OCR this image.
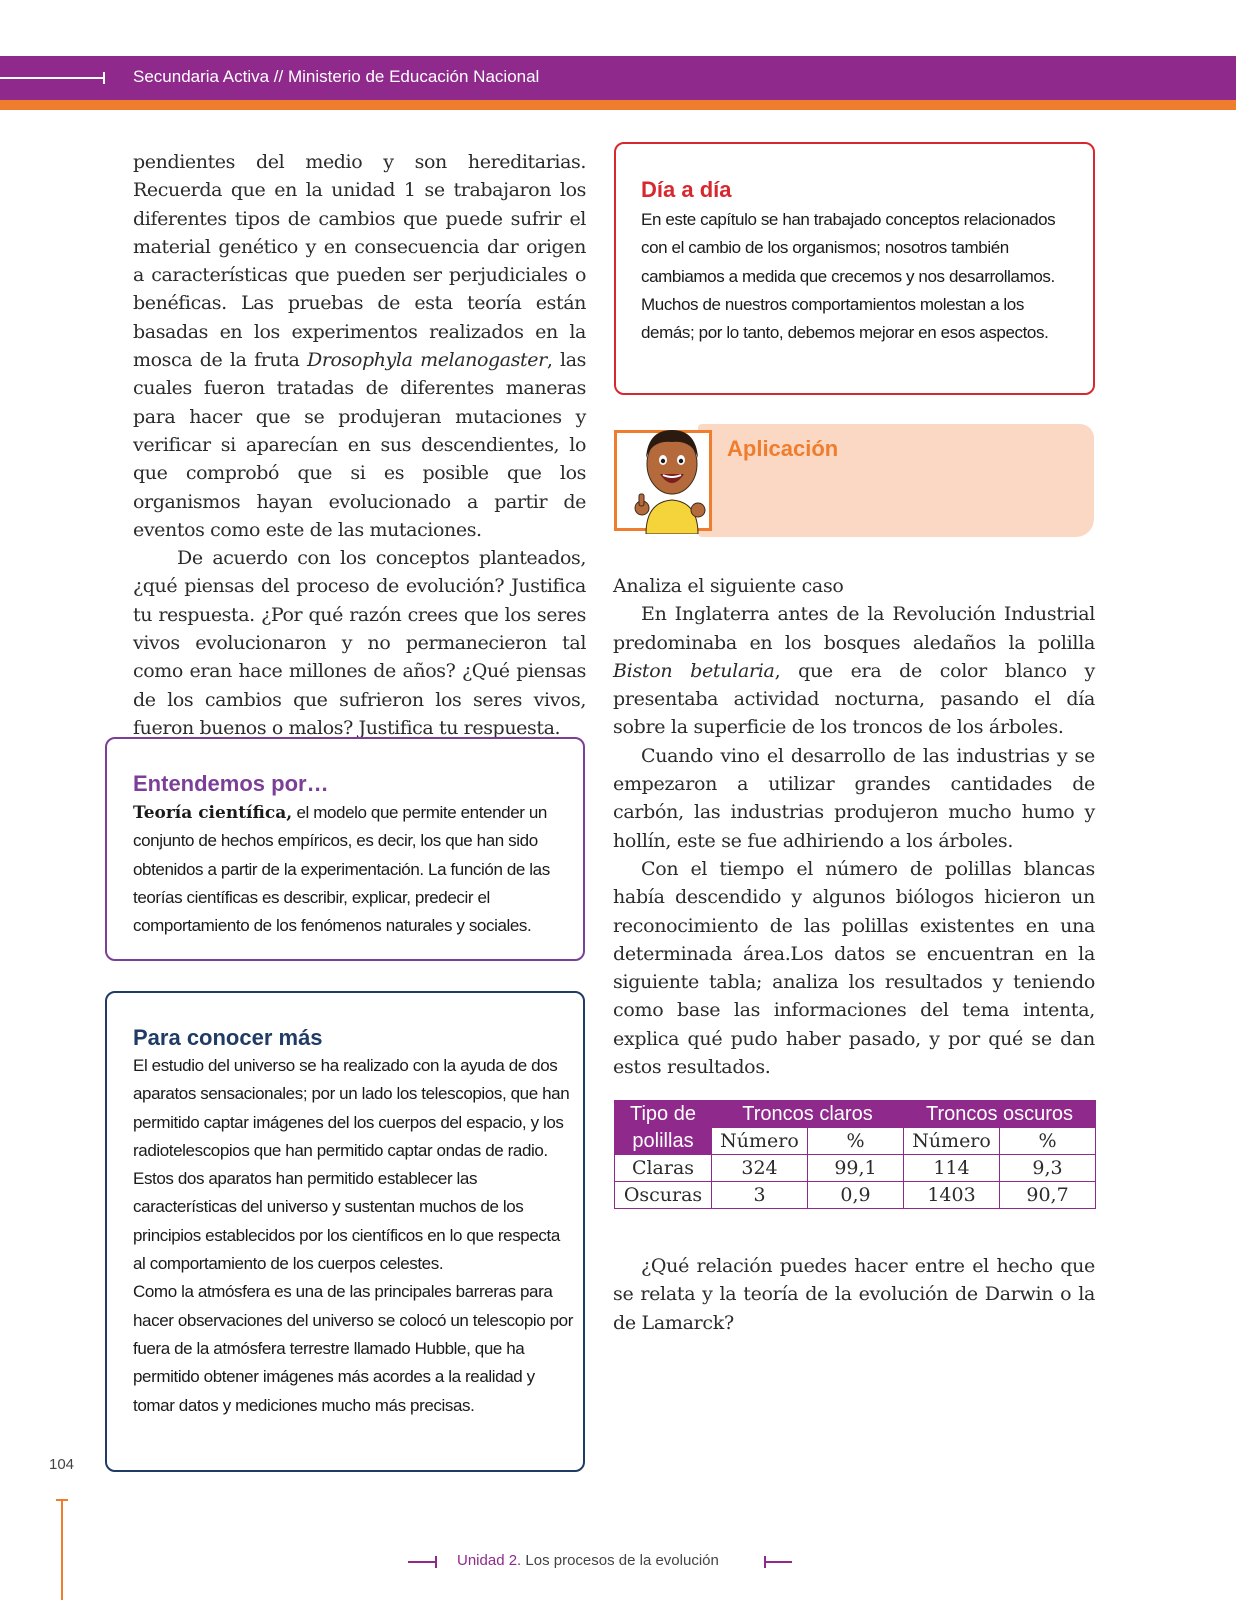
Secundaria Activa // Ministerio de Educación Nacional

pendientes del medio y son hereditarias. Recuerda que en la unidad 1 se trabajaron los diferentes tipos de cambios que puede sufrir el material genético y en consecuencia dar origen a características que pueden ser perjudiciales o benéficas. Las pruebas de esta teoría están basadas en los experimentos realizados en la mosca de la fruta Drosophyla melanogaster, las cuales fueron tratadas de diferentes maneras para hacer que se produjeran mutaciones y verificar si aparecían en sus descendientes, lo que comprobó que si es posible que los organismos hayan evolucionado a partir de eventos como este de las mutaciones.

De acuerdo con los conceptos planteados, ¿qué piensas del proceso de evolución? Justifica tu respuesta. ¿Por qué razón crees que los seres vivos evolucionaron y no permanecieron tal como eran hace millones de años? ¿Qué piensas de los cambios que sufrieron los seres vivos, fueron buenos o malos? Justifica tu respuesta.

Entendemos por…
Teoría científica, el modelo que permite entender un conjunto de hechos empíricos, es decir, los que han sido obtenidos a partir de la experimentación. La función de las teorías científicas es describir, explicar, predecir el comportamiento de los fenómenos naturales y sociales.
Para conocer más
El estudio del universo se ha realizado con la ayuda de dos aparatos sensacionales; por un lado los telescopios, que han permitido captar imágenes del los cuerpos del espacio, y los radiotelescopios que han permitido captar ondas de radio. Estos dos aparatos han permitido establecer las características del universo y sustentan muchos de los principios establecidos por los científicos en lo que respecta al comportamiento de los cuerpos celestes.
Como la atmósfera es una de las principales barreras para hacer observaciones del universo se colocó un telescopio por fuera de la atmósfera terrestre llamado Hubble, que ha permitido obtener imágenes más acordes a la realidad y tomar datos y mediciones mucho más precisas.
Día a día
En este capítulo se han trabajado conceptos relacionados con el cambio de los organismos; nosotros también cambiamos a medida que crecemos y nos desarrollamos. Muchos de nuestros comportamientos molestan a los demás; por lo tanto, debemos mejorar en esos aspectos.
Aplicación

Analiza el siguiente caso

En Inglaterra antes de la Revolución Industrial predominaba en los bosques aledaños la polilla Biston betularia, que era de color blanco y presentaba actividad nocturna, pasando el día sobre la superficie de los troncos de los árboles.

Cuando vino el desarrollo de las industrias y se empezaron a utilizar grandes cantidades de carbón, las industrias produjeron mucho humo y hollín, este se fue adhiriendo a los árboles.

Con el tiempo el número de polillas blancas había descendido y algunos biólogos hicieron un reconocimiento de las polillas existentes en una determinada área.Los datos se encuentran en la siguiente tabla; analiza los resultados y teniendo como base las informaciones del tema intenta, explica qué pudo haber pasado, y por qué se dan estos resultados.

Tipo de	Troncos claros		Troncos oscuros	
polillas	Número	%	Número	%
Claras	324	99,1	114	9,3
Oscuras	3	0,9	1403	90,7

¿Qué relación puedes hacer entre el hecho que se relata y la teoría de la evolución de Darwin o la de Lamarck?

104
Unidad 2. Los procesos de la evolución
